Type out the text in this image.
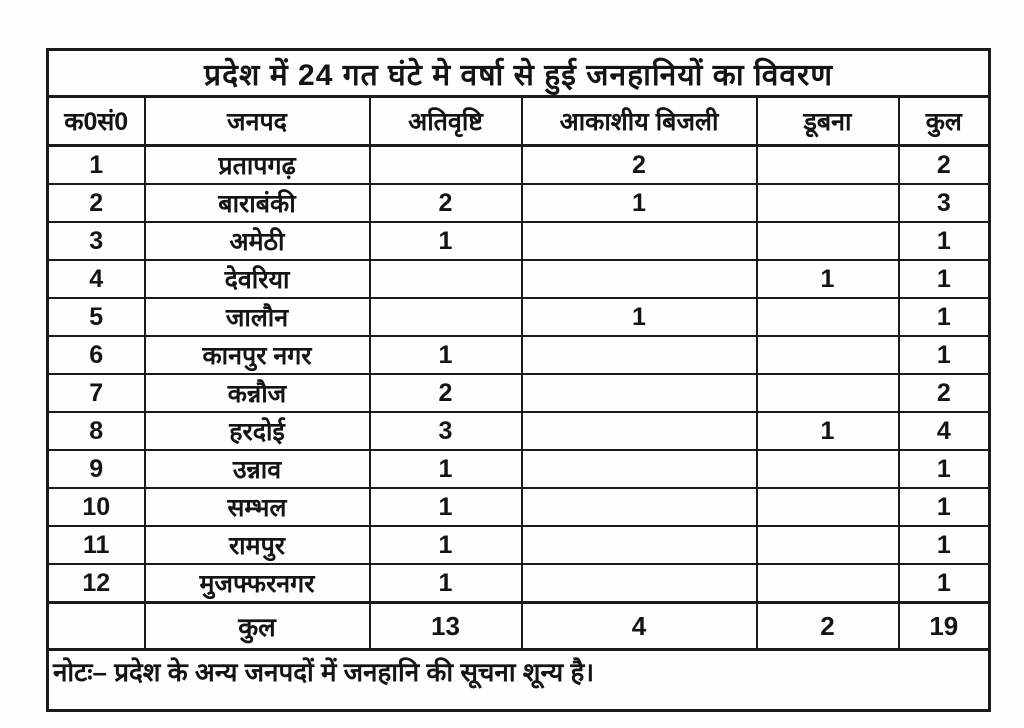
प्रदेश में 24 गत घंटे मे वर्षा से हुई जनहानियों का विवरण					
क0सं0	जनपद	अतिवृष्टि	आकाशीय बिजली	डूबना	कुल
1	प्रतापगढ़		2		2
2	बाराबंकी	2	1		3
3	अमेठी	1			1
4	देवरिया			1	1
5	जालौन		1		1
6	कानपुर नगर	1			1
7	कन्नौज	2			2
8	हरदोई	3		1	4
9	उन्नाव	1			1
10	सम्भल	1			1
11	रामपुर	1			1
12	मुजफ्फरनगर	1			1
	कुल	13	4	2	19
नोटः– प्रदेश के अन्य जनपदों में जनहानि की सूचना शून्य है।					
